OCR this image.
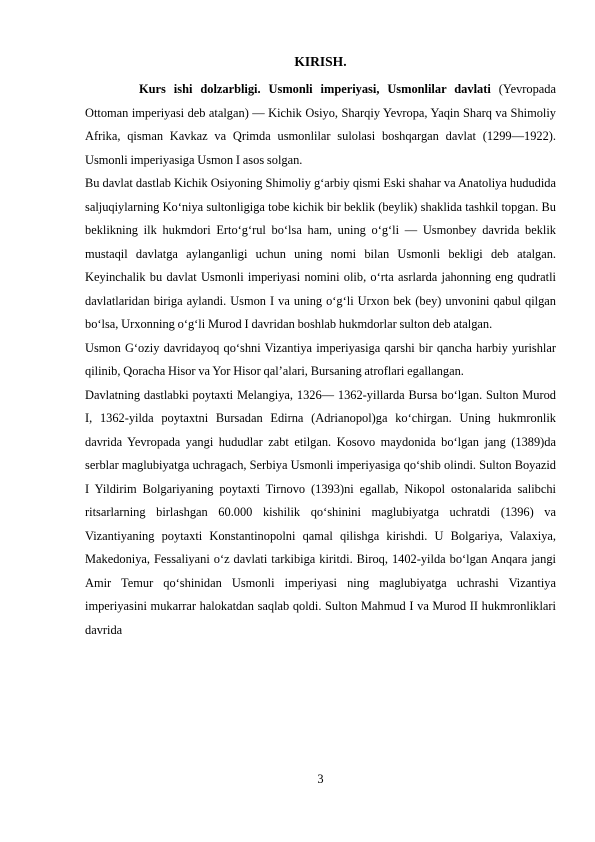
KIRISH.

Kurs ishi dolzarbligi. Usmonli imperiyasi, Usmonlilar davlati (Yevropada Ottoman imperiyasi deb atalgan) — Kichik Osiyo, Sharqiy Yevropa, Yaqin Sharq va Shimoliy Afrika, qisman Kavkaz va Qrimda usmonlilar sulolasi boshqargan davlat (1299—1922). Usmonli imperiyasiga Usmon I asos solgan.

Bu davlat dastlab Kichik Osiyoning Shimoliy g‘arbiy qismi Eski shahar va Anatoliya hududida saljuqiylarning Ko‘niya sultonligiga tobe kichik bir beklik (beylik) shaklida tashkil topgan. Bu beklikning ilk hukmdori Ertoʻgʻrul boʻlsa ham, uning oʻgʻli — Usmonbey davrida beklik mustaqil davlatga aylanganligi uchun uning nomi bilan Usmonli bekligi deb atalgan. Keyinchalik bu davlat Usmonli imperiyasi nomini olib, oʻrta asrlarda jahonning eng qudratli davlatlaridan biriga aylandi. Usmon I va uning oʻgʻli Urxon bek (bey) unvonini qabul qilgan boʻlsa, Urxonning oʻgʻli Murod I davridan boshlab hukmdorlar sulton deb atalgan.

Usmon Gʻoziy davridayoq qoʻshni Vizantiya imperiyasiga qarshi bir qancha harbiy yurishlar qilinib, Qoracha Hisor va Yor Hisor qalʼalari, Bursaning atroflari egallangan.

Davlatning dastlabki poytaxti Melangiya, 1326— 1362-yillarda Bursa boʻlgan. Sulton Murod I, 1362-yilda poytaxtni Bursadan Edirna (Adrianopol)ga koʻchirgan. Uning hukmronlik davrida Yevropada yangi hududlar zabt etilgan. Kosovo maydonida boʻlgan jang (1389)da serblar maglubiyatga uchragach, Serbiya Usmonli imperiyasiga qoʻshib olindi. Sulton Boyazid I Yildirim Bolgariyaning poytaxti Tirnovo (1393)ni egallab, Nikopol ostonalarida salibchi ritsarlarning birlashgan 60.000 kishilik qoʻshinini maglubiyatga uchratdi (1396) va Vizantiyaning poytaxti Konstantinopolni qamal qilishga kirishdi. U Bolgariya, Valaxiya, Makedoniya, Fessaliyani oʻz davlati tarkibiga kiritdi. Biroq, 1402-yilda boʻlgan Anqara jangi Amir Temur qoʻshinidan Usmonli imperiyasi ning maglubiyatga uchrashi Vizantiya imperiyasini mukarrar halokatdan saqlab qoldi. Sulton Mahmud I va Murod II hukmronliklari davrida

3
